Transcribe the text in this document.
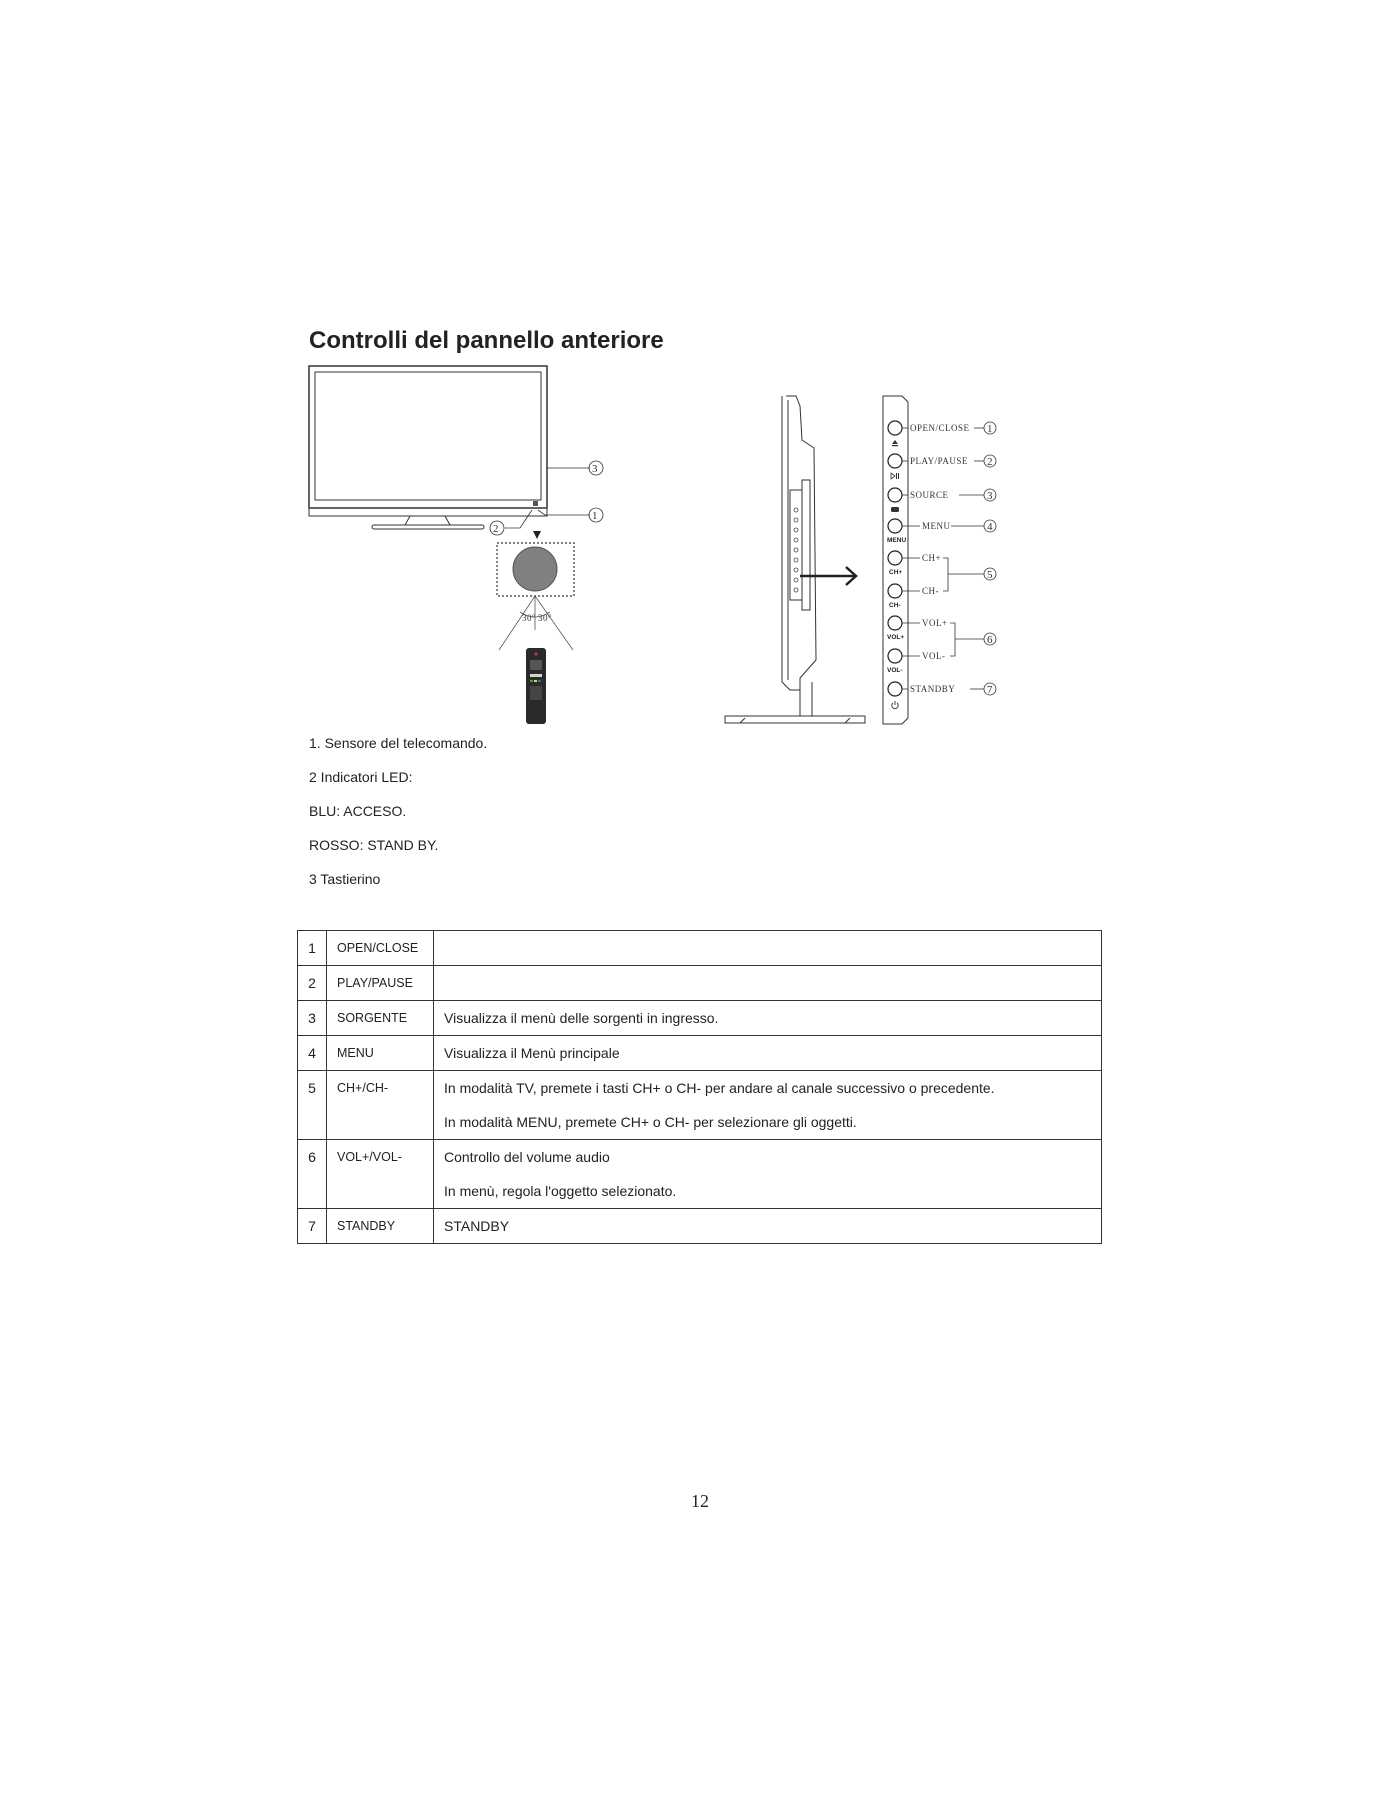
Controlli del pannello anteriore
3
1
2
30° 30°
MENU
CH+
CH-
VOL+
VOL-
OPEN/CLOSE
PLAY/PAUSE
SOURCE
MENU
CH+
CH-
VOL+
VOL-
STANDBY
1
2
3
4
5
6
7

1. Sensore del telecomando.

2 Indicatori LED:

BLU: ACCESO.

ROSSO: STAND BY.

3 Tastierino

1	OPEN/CLOSE	

2	PLAY/PAUSE	

3	SORGENTE	Visualizza il menù delle sorgenti in ingresso.

4	MENU	Visualizza il Menù principale

5	CH+/CH-	In modalità TV, premete i tasti CH+ o CH- per andare al canale successivo o precedente.
In modalità MENU, premete CH+ o CH- per selezionare gli oggetti.

6	VOL+/VOL-	Controllo del volume audio
In menù, regola l'oggetto selezionato.

7	STANDBY	STANDBY
12
